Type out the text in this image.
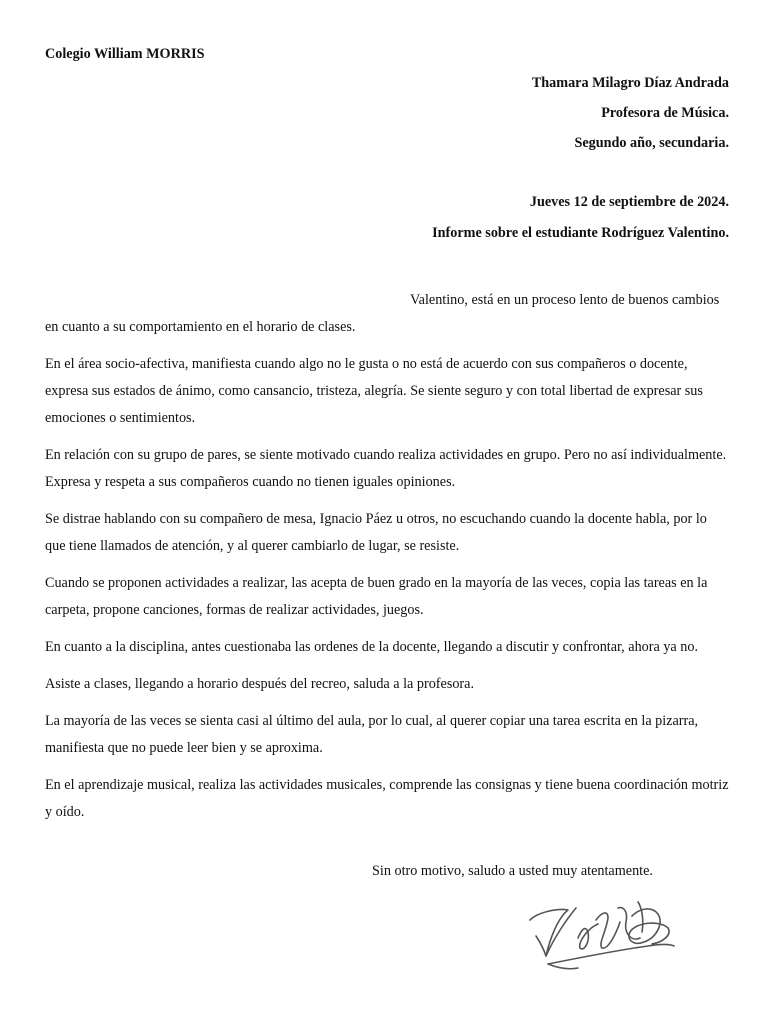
Colegio William MORRIS
Thamara Milagro Díaz Andrada
Profesora de Música.
Segundo año, secundaria.
Jueves 12 de septiembre de 2024.
Informe sobre el estudiante Rodríguez Valentino.

Valentino, está en un proceso lento de buenos cambios en cuanto a su comportamiento en el horario de clases.

En el área socio-afectiva, manifiesta cuando algo no le gusta o no está de acuerdo con sus compañeros o docente, expresa sus estados de ánimo, como cansancio, tristeza, alegría. Se siente seguro y con total libertad de expresar sus emociones o sentimientos.

En relación con su grupo de pares, se siente motivado cuando realiza actividades en grupo. Pero no así individualmente. Expresa y respeta a sus compañeros cuando no tienen iguales opiniones.

Se distrae hablando con su compañero de mesa, Ignacio Páez u otros, no escuchando cuando la docente habla, por lo que tiene llamados de atención, y al querer cambiarlo de lugar, se resiste.

Cuando se proponen actividades a realizar, las acepta de buen grado en la mayoría de las veces, copia las tareas en la carpeta, propone canciones, formas de realizar actividades, juegos.

En cuanto a la disciplina, antes cuestionaba las ordenes de la docente, llegando a discutir y confrontar, ahora ya no.

Asiste a clases, llegando a horario después del recreo, saluda a la profesora.

La mayoría de las veces se sienta casi al último del aula, por lo cual, al querer copiar una tarea escrita en la pizarra, manifiesta que no puede leer bien y se aproxima.

En el aprendizaje musical, realiza las actividades musicales, comprende las consignas y tiene buena coordinación motriz y oído.

Sin otro motivo, saludo a usted muy atentamente.
